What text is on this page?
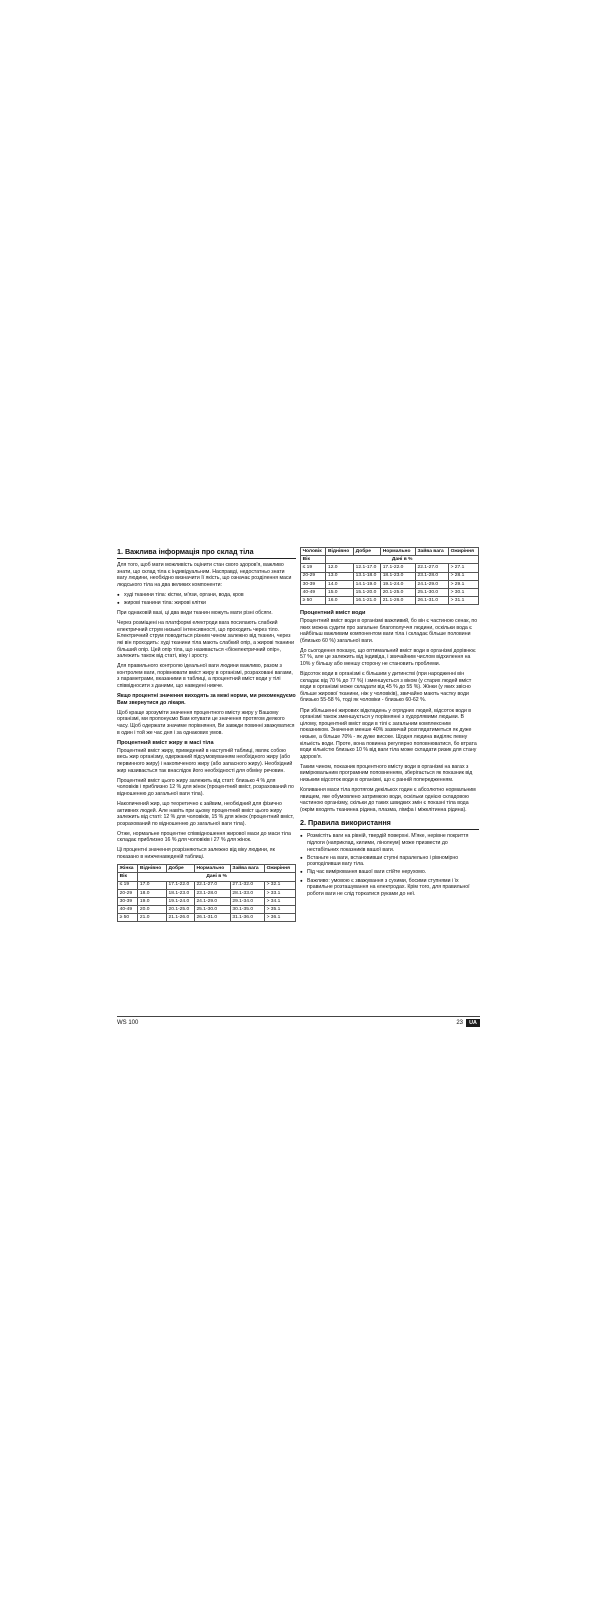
1. Важлива інформація про склад тіла

Для того, щоб мати можливість оцінити стан свого здоров'я, важливо знати, що склад тіла є індивідуальним. Насправді, недостатньо знати вагу людини, необхідно визначити її якість, що означає розділення маси людського тіла на два великих компоненти:

● худі тканини тіла: кістки, м'язи, органи, вода, кров
● жирові тканини тіла: жирові клітки

При однаковій вазі, ці два види тканин можуть мати різні обсяги.

Через розміщені на платформі електроди вага посилають слабкий електричний струм низької інтенсивності, що проходить через тіло. Електричний струм поводиться різним чином залежно від тканин, через які він проходить: худі тканини тіла мають слабкий опір, а жирові тканини більший опір. Цей опір тіла, що називається «біоелектричний опір», залежить також від статі, віку і зросту.

Для правильного контролю ідеальної ваги людини важливо, разом з контролем ваги, порівнювати вміст жиру в організмі, розраховані вагами, з параметрами, вказаними в таблиці, а процентний вміст води у тілі співвідносити з даними, що наведені нижче.

Якщо процентні значення виходять за межі норми, ми рекомендуємо Вам звернутися до лікаря.

Щоб краще зрозуміти значення процентного вмісту жиру у Вашому організмі, ми пропонуємо Вам ютувати це значення протягом деякого часу. Щоб одержати значиме порівняння, Ви завжди повинні зважуватися в один і той же час дня і за однакових умов.

Процентний вміст жиру в масі тіла

Процентний вміст жиру, приведений в наступній таблиці, являє собою весь жир організму, одержаний підсумовуванням необхідного жиру (або первинного жиру) і накопиченого жиру (або запасного жиру). Необхідний жир називається так внаслідок його необхідності для обміну речовин.

Процентний вміст цього жиру залежить від статі: близько 4 % для чоловіків і приблизно 12 % для жінок (процентний вміст, розрахований по відношенню до загальної ваги тіла).

Накопичений жир, що теоретично є зайвим, необхідний для фізично активних людей. Але навіть при цьому процентний вміст цього жиру залежить від статі: 12 % для чоловіків, 15 % для жінок (процентний вміст, розрахований по відношенню до загальної ваги тіла).

Отже, нормальне процентне співвідношення жирової маси до маси тіла складає приблизно 16 % для чоловіків і 27 % для жінок.

Ці процентні значення розрізняються залежно від віку людини, як показано в нижченаведеній таблиці.

Жінка	Віднівно	Добре	Нормально	Зайва вага	Ожиріння
Вік	Дані в %				
≤ 19	17.0	17.1-22.0	22.1-27.0	27.1-32.0	> 32.1
20-29	18.0	18.1-23.0	23.1-28.0	28.1-33.0	> 33.1
30-39	19.0	19.1-24.0	24.1-29.0	29.1-34.0	> 34.1
40-49	20.0	20.1-25.0	25.1-30.0	30.1-35.0	> 35.1
≥ 50	21.0	21.1-26.0	26.1-31.0	31.1-36.0	> 36.1
Чоловік	Віднівно	Добре	Нормально	Зайва вага	Ожиріння
Вік	Дані в %				
≤ 19	12.0	12.1-17.0	17.1-22.0	22.1-27.0	> 27.1
20-29	13.0	13.1-18.0	18.1-23.0	23.1-28.0	> 28.1
30-39	14.0	14.1-19.0	19.1-24.0	24.1-29.0	> 29.1
40-49	15.0	15.1-20.0	20.1-25.0	25.1-30.0	> 30.1
≥ 50	16.0	16.1-21.0	21.1-26.0	26.1-31.0	> 31.1
Процентний вміст води

Процентний вміст води в організмі важливий, бо він є частиною сенак, по яких можна судити про загальне благополуччя людини, оскільки вода є найбільш важливим компонентом ваги тіла і складає більше половини (близько 60 %) загальної ваги.

До сьогодення показує, що оптимальний вміст води в організмі дорівнює 57 %, але це залежить від індивіда, і звичайним числом відхилення на 10% у більшу або меншу сторону не становить проблеми.

Відсоток води в організмі є більшим у дитинстві (при народженні він складає від 70 % до 77 %) і зменшується з віком (у старих людей вміст води в організмі може складати від 45 % до 55 %). Жінки (у яких звісно більше жирової тканини, ніж у чоловіків), звичайно мають частку води близько 55-58 %, тоді як чоловіки - близько 60-62 %.

При збільшенні жирових відкладень у огрядних людей, відсоток води в організмі також зменшується у порівнянні з худорлявими людьми. В цілому, процентний вміст води в тілі є загальним комплексним показником. Значення менше 40% зазвичай розглядатиметься як дуже низьке, а більше 70% - як дуже високе. Щодня людина виділяє певну кількість води. Проте, вона повинна регулярно поповнюватися, бо втрата води кількістю близько 10 % від ваги тіла може складати ризик для стану здоров'я.

Таким чином, показник процентного вмісту води в організмі на вагах з вимірювальним програмним поповненням, зберігається як показник від низьким відсоток води в організмі, що є ранній попередженням.

Коливання маси тіла протягом декількох годин є абсолютно нормальним явищем, яке обумовлено затримкою води, оскільки однією складовою частиною організму, скільки до таких швидких змін є показні тіла вода (окрім входять тканинна рідина, плазма, лімфа і міжклітинна рідина).

2. Правила використання
● Розмістіть ваги на рівній, твердій поверхні. М'яке, нерівне покриття підлоги (наприклад, килими, лінолеум) може призвести до нестабільних показників вашої ваги.
● Встаньте на ваги, встановивши ступні паралельно і рівномірно розподіливши вагу тіла.
● Під час вимірювання вашої ваги стійте нерухомо.
● Важливо: умовою є зважування з сухими, босими ступнями і їх правильне розташування на електродах. Крім того, для правильної роботи ваги не слід торкатися руками до неї.
WS 100	23	UA
